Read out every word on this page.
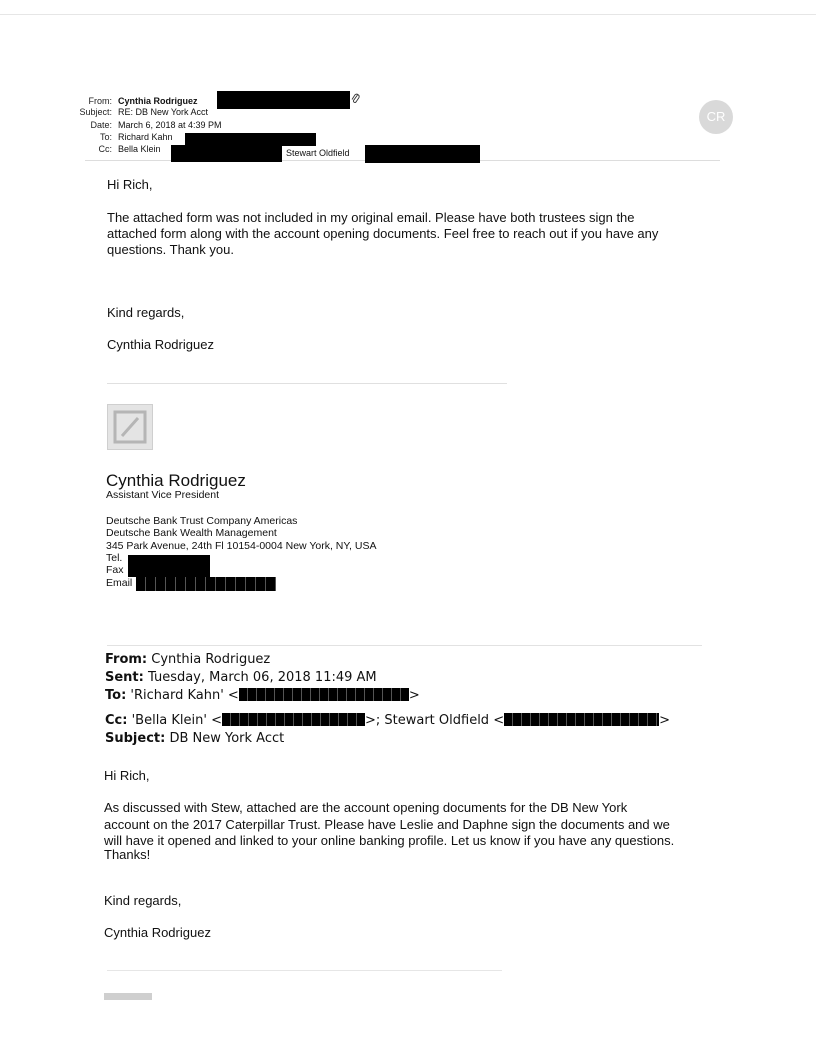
From: Cynthia Rodriguez
Subject: RE: DB New York Acct
Date: March 6, 2018 at 4:39 PM
To: Richard Kahn
Cc: Bella Klein	Stewart Oldfield
CR
Hi Rich,
The attached form was not included in my original email. Please have both trustees sign the
attached form along with the account opening documents. Feel free to reach out if you have any
questions. Thank you.
Kind regards,
Cynthia Rodriguez
Cynthia Rodriguez
Assistant Vice President
Deutsche Bank Trust Company Americas
Deutsche Bank Wealth Management
345 Park Avenue, 24th Fl 10154-0004 New York, NY, USA
Tel.
Fax
Email
From: Cynthia Rodriguez
Sent: Tuesday, March 06, 2018 11:49 AM
To: 'Richard Kahn' <	>
Cc: 'Bella Klein' <	>; Stewart Oldfield <	>
Subject: DB New York Acct
Hi Rich,
As discussed with Stew, attached are the account opening documents for the DB New York
account on the 2017 Caterpillar Trust. Please have Leslie and Daphne sign the documents and we
will have it opened and linked to your online banking profile. Let us know if you have any questions.
Thanks!
Kind regards,
Cynthia Rodriguez
